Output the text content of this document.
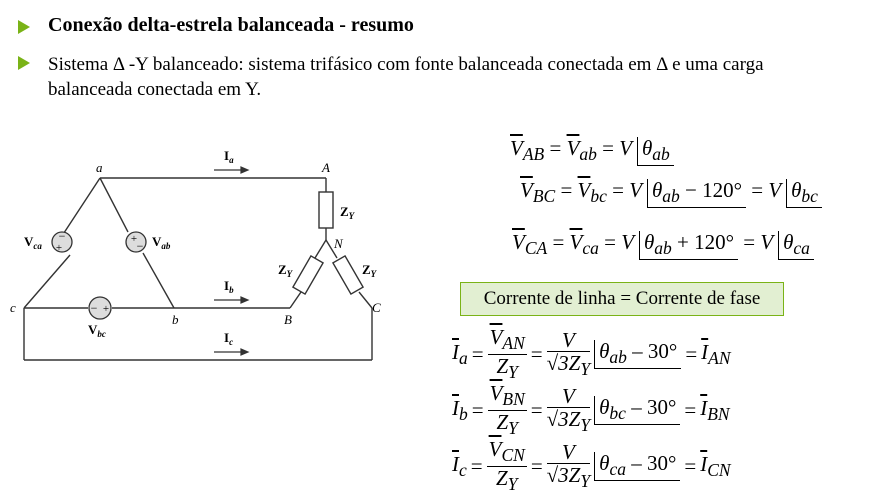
Conexão delta-estrela balanceada - resumo
Sistema Δ -Y balanceado: sistema trifásico com fonte balanceada conectada em Δ e uma carga balanceada conectada em Y.
−
+
+ −
− +
a
b
c
A
B
C
N
$I_a$
$I_b$
$I_c$
$V_{ca}$	$V_{ab}$
$V_{bc}$
$Z_Y$
$Z_Y$	$Z_Y$
$\overline{V}_{AB} = \overline{V}_{ab} = V$ $\theta_{ab}$
$\overline{V}_{BC} = \overline{V}_{bc} = V$ $\theta_{ab} - 120^\circ = V$ $\theta_{bc}$
$\overline{V}_{CA} = \overline{V}_{ca} = V$ $\theta_{ab} + 120^\circ = V$ $\theta_{ca}$
Corrente de linha = Corrente de fase
$\overline{I}_a = \frac{\overline{V}_{AN}}{Z_Y} = \frac{V}{√3Z_Y} \theta_{ab} - 30^\circ = \overline{I}_{AN}$
$\overline{I}_b = \frac{\overline{V}_{BN}}{Z_Y} = \frac{V}{√3Z_Y} \theta_{bc} - 30^\circ = \overline{I}_{BN}$
$\overline{I}_c = \frac{\overline{V}_{CN}}{Z_Y} = \frac{V}{√3Z_Y} \theta_{ca} - 30^\circ = \overline{I}_{CN}$
